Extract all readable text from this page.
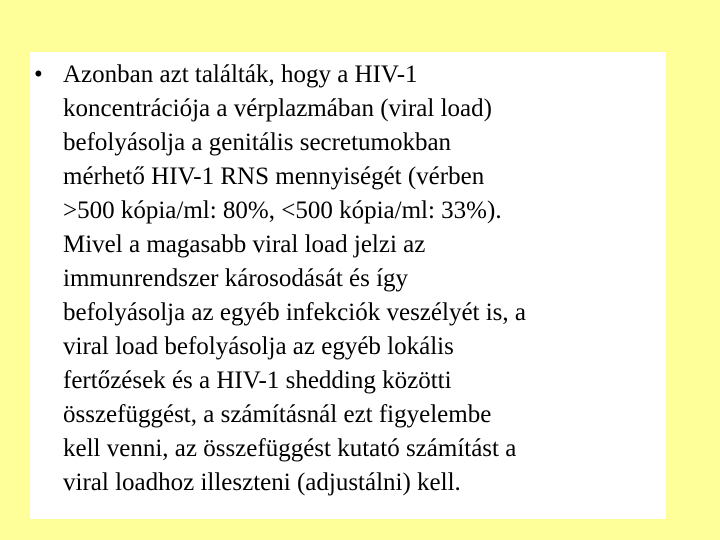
• Azonban azt találták, hogy a HIV-1
koncentrációja a vérplazmában (viral load)
befolyásolja a genitális secretumokban
mérhető HIV-1 RNS mennyiségét (vérben
>500 kópia/ml: 80%, <500 kópia/ml: 33%).
Mivel a magasabb viral load jelzi az
immunrendszer károsodását és így
befolyásolja az egyéb infekciók veszélyét is, a
viral load befolyásolja az egyéb lokális
fertőzések és a HIV-1 shedding közötti
összefüggést, a számításnál ezt figyelembe
kell venni, az összefüggést kutató számítást a
viral loadhoz illeszteni (adjustálni) kell.
